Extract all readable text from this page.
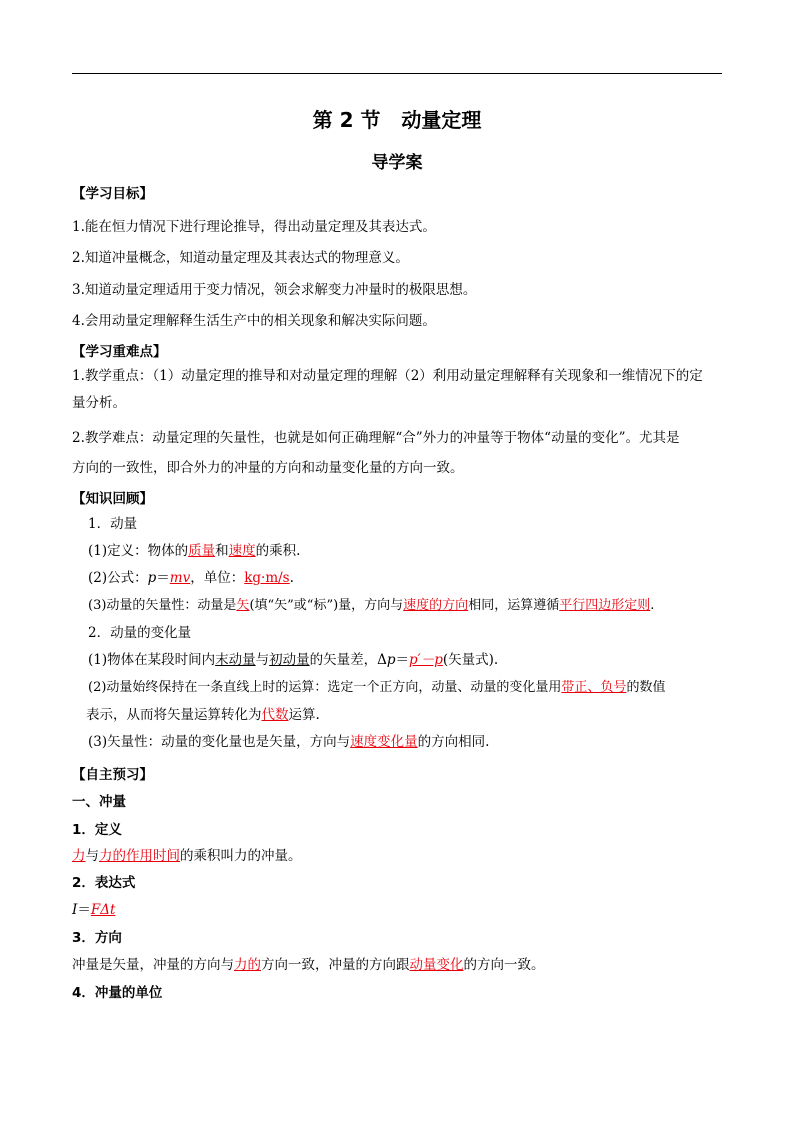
第 2 节 动量定理
导学案
【学习目标】
1.能在恒力情况下进行理论推导，得出动量定理及其表达式。
2.知道冲量概念，知道动量定理及其表达式的物理意义。
3.知道动量定理适用于变力情况，领会求解变力冲量时的极限思想。
4.会用动量定理解释生活生产中的相关现象和解决实际问题。
【学习重难点】
1.教学重点：（1）动量定理的推导和对动量定理的理解（2）利用动量定理解释有关现象和一维情况下的定
量分析。
2.教学难点：动量定理的矢量性，也就是如何正确理解“合”外力的冲量等于物体“动量的变化”。尤其是
方向的一致性，即合外力的冲量的方向和动量变化量的方向一致。
【知识回顾】
1．动量
(1)定义：物体的质量和速度的乘积.
(2)公式：p＝mv，单位：kg·m/s.
(3)动量的矢量性：动量是矢(填“矢”或“标”)量，方向与速度的方向相同，运算遵循平行四边形定则.
2．动量的变化量
(1)物体在某段时间内末动量与初动量的矢量差，Δp＝p′－p(矢量式).
(2)动量始终保持在一条直线上时的运算：选定一个正方向，动量、动量的变化量用带正、负号的数值
表示，从而将矢量运算转化为代数运算.
(3)矢量性：动量的变化量也是矢量，方向与速度变化量的方向相同.
【自主预习】
一、冲量
1．定义
力与力的作用时间的乘积叫力的冲量。
2．表达式
I＝FΔt
3．方向
冲量是矢量，冲量的方向与力的方向一致，冲量的方向跟动量变化的方向一致。
4．冲量的单位
